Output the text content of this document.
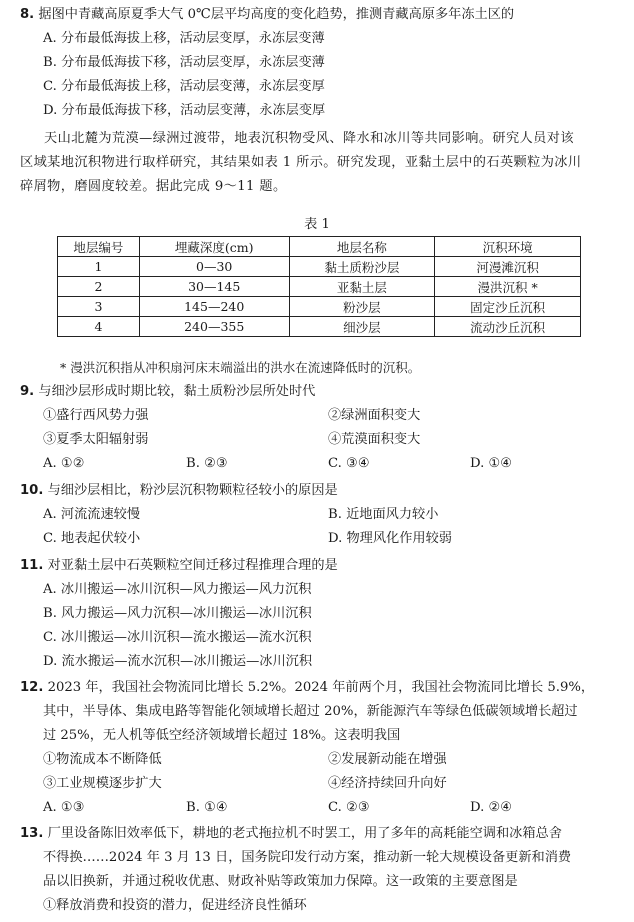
8. 据图中青藏高原夏季大气 0℃层平均高度的变化趋势，推测青藏高原多年冻土区的
A. 分布最低海拔上移，活动层变厚，永冻层变薄
B. 分布最低海拔下移，活动层变厚，永冻层变薄
C. 分布最低海拔上移，活动层变薄，永冻层变厚
D. 分布最低海拔下移，活动层变薄，永冻层变厚
天山北麓为荒漠—绿洲过渡带，地表沉积物受风、降水和冰川等共同影响。研究人员对该
区域某地沉积物进行取样研究，其结果如表 1 所示。研究发现，亚黏土层中的石英颗粒为冰川
碎屑物，磨圆度较差。据此完成 9～11 题。
表 1
地层编号	埋藏深度(cm)	地层名称	沉积环境
1	0—30	黏土质粉沙层	河漫滩沉积
2	30—145	亚黏土层	漫洪沉积 *
3	145—240	粉沙层	固定沙丘沉积
4	240—355	细沙层	流动沙丘沉积
* 漫洪沉积指从冲积扇河床末端溢出的洪水在流速降低时的沉积。
9. 与细沙层形成时期比较，黏土质粉沙层所处时代
①盛行西风势力强	②绿洲面积变大
③夏季太阳辐射弱	④荒漠面积变大
A. ①②	B. ②③	C. ③④	D. ①④
10. 与细沙层相比，粉沙层沉积物颗粒径较小的原因是
A. 河流流速较慢	B. 近地面风力较小
C. 地表起伏较小	D. 物理风化作用较弱
11. 对亚黏土层中石英颗粒空间迁移过程推理合理的是
A. 冰川搬运—冰川沉积—风力搬运—风力沉积
B. 风力搬运—风力沉积—冰川搬运—冰川沉积
C. 冰川搬运—冰川沉积—流水搬运—流水沉积
D. 流水搬运—流水沉积—冰川搬运—冰川沉积
12. 2023 年，我国社会物流同比增长 5.2%。2024 年前两个月，我国社会物流同比增长 5.9%，
其中，半导体、集成电路等智能化领域增长超过 20%，新能源汽车等绿色低碳领域增长超过
过 25%，无人机等低空经济领域增长超过 18%。这表明我国
①物流成本不断降低	②发展新动能在增强
③工业规模逐步扩大	④经济持续回升向好
A. ①③	B. ①④	C. ②③	D. ②④
13. 厂里设备陈旧效率低下，耕地的老式拖拉机不时罢工，用了多年的高耗能空调和冰箱总舍
不得换……2024 年 3 月 13 日，国务院印发行动方案，推动新一轮大规模设备更新和消费
品以旧换新，并通过税收优惠、财政补贴等政策加力保障。这一政策的主要意图是
①释放消费和投资的潜力，促进经济良性循环
